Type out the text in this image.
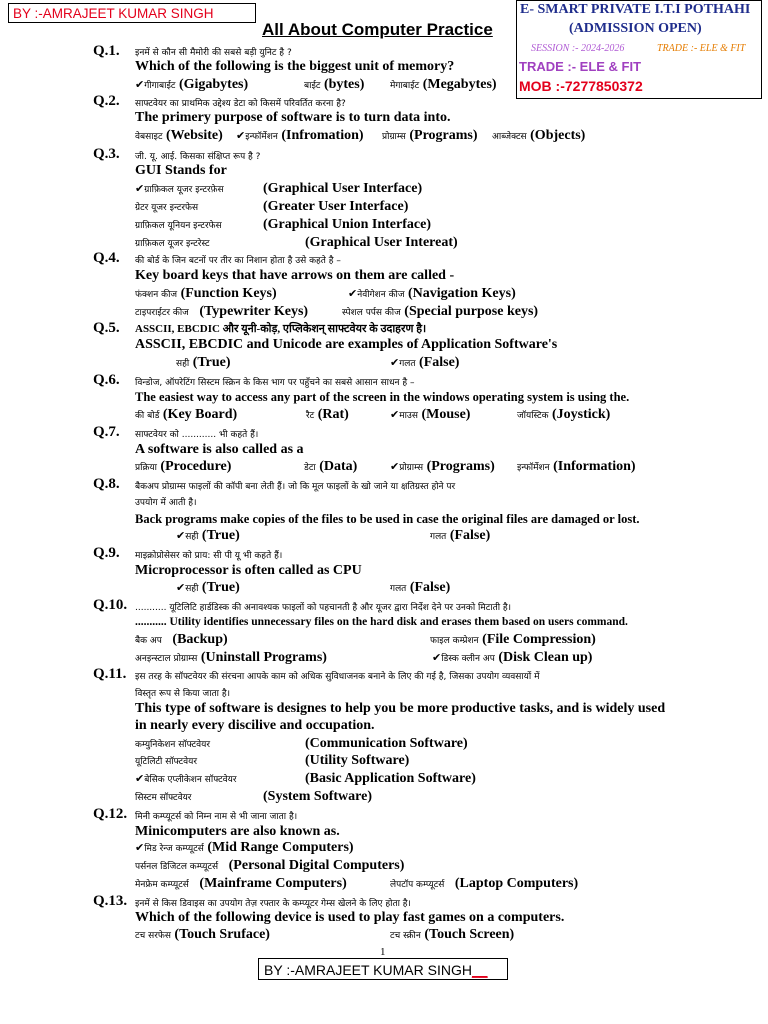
BY :-AMRAJEET KUMAR SINGH
All About Computer Practice
E- SMART PRIVATE I.T.I POTHAHI
(ADMISSION OPEN)
SESSION :- 2024-2026	TRADE :- ELE & FIT
TRADE :- ELE & FIT
MOB :-7277850372
Q.1. इनमें से कौन सी मैमोरी की सबसे बड़ी युनिट है ?
Which of the following is the biggest unit of memory?
✔गीगाबाईट (Gigabytes)	बाईट (bytes)	मेगाबाईट (Megabytes)
Q.2. साफ्टवेयर का प्राथमिक उद्देश्य डेटा को किसमें परिवर्तित करना है?
The primery purpose of software is to turn data into.
वेबसाइट (Website) ✔इन्फॉर्मेशन (Infromation) प्रोग्राम्स (Programs) आब्जेक्टस (Objects)
Q.3. जी. यू. आई. किसका संक्षिप्त रूप है ?
GUI Stands for
✔ग्राफ़िकल यूजर इन्टरफ़ेस	(Graphical User Interface)
ग्रेटर यूजर इन्टरफेस	(Greater User Interface)
ग्राफ़िकल यूनियन इन्टरफेस	(Graphical Union Interface)
ग्राफ़िकल यूजर इन्टरेस्ट	(Graphical User Intereat)
Q.4. की बोर्ड के जिन बटनों पर तीर का निशान होता है उसे कहते है –
Key board keys that have arrows on them are called -
फंक्शन कीज (Function Keys)	✔नेवीगेशन कीज (Navigation Keys)
टाइपराईटर कीज (Typewriter Keys)	स्पेशल पर्पस कीज (Special purpose keys)
Q.5. ASSCII, EBCDIC और यूनी-कोड़, एप्लिकेशन् साफ्टवेयर के उदाहरण है।
ASSCII, EBCDIC and Unicode are examples of Application Software's
सही (True)	✔गलत (False)
Q.6. विन्डोज, ऑपरेटिंग सिस्टम स्क्रिन के किस भाग पर पहुँचने का सबसे आसान साधन है –
The easiest way to access any part of the screen in the windows operating system is using the.
की बोर्ड (Key Board)	रैट (Rat)	✔माउस (Mouse)	जॉयस्टिक (Joystick)
Q.7. साफ्टवेयर को ............ भी कहते हैं।
A software is also called as a
प्रक्रिया (Procedure)	डेटा (Data)	✔प्रोग्राम्स (Programs) इन्फॉर्मेशन (Information)
Q.8. बैकअप प्रोग्राम्स फाइलों की कॉपी बना लेती हैं। जो कि मूल फाइलों के खो जाने या क्षतिग्रस्त होने पर
उपयोग में आती है।
Back programs make copies of the files to be used in case the original files are damaged or lost.
✔सही (True)	गलत (False)
Q.9. माइक्रोप्रोसेसर को प्राय: सी पी यू भी कहते हैं।
Microprocessor is often called as CPU
✔सही (True)	गलत (False)
Q.10. ........... यूटिलिटि हार्डडिस्क की अनावश्यक फाइलों को पहचानती है और यूजर द्वारा निर्देश देने पर उनको मिटाती है।
........... Utility identifies unnecessary files on the hard disk and erases them based on users command.
बैक अप (Backup)	फाइल कम्प्रेशन (File Compression)
अनइन्स्टाल प्रोग्राम्स (Uninstall Programs)	✔डिस्क क्लीन अप (Disk Clean up)
Q.11. इस तरह के सॉफ्टवेयर की संरचना आपके काम को अधिक सुविधाजनक बनाने के लिए की गई है, जिसका उपयोग व्यवसायों में
विस्तृत रूप से किया जाता है।
This type of software is designes to help you be more productive tasks, and is widely used
in nearly every discilive and occupation.
कम्युनिकेशन सॉफ्टवेयर	(Communication Software)
यूटिलिटी सॉफ्टवेयर	(Utility Software)
✔बेसिक एप्लीकेशन सॉफ्टवेयर	(Basic Application Software)
सिस्टम सॉफ्टवेयर	(System Software)
Q.12. मिनी कम्प्यूटर्स को निम्न नाम से भी जाना जाता है।
Minicomputers are also known as.
✔मिड रेन्ज कम्प्यूटर्स (Mid Range Computers)
पर्सनल डिजिटल कम्प्यूटर्स (Personal Digital Computers)
मेनफ्रेम कम्प्यूटर्स (Mainframe Computers)	लेपटॉप कम्प्यूटर्स (Laptop Computers)
Q.13. इनमें से किस डिवाइस का उपयोग तेज़ रफ्तार के कम्प्यूटर गेम्स खेलने के लिए होता है।
Which of the following device is used to play fast games on a computers.
टच सरफेस (Touch Sruface)	टच स्क्रीन (Touch Screen)
1
BY :-AMRAJEET KUMAR SINGH__
